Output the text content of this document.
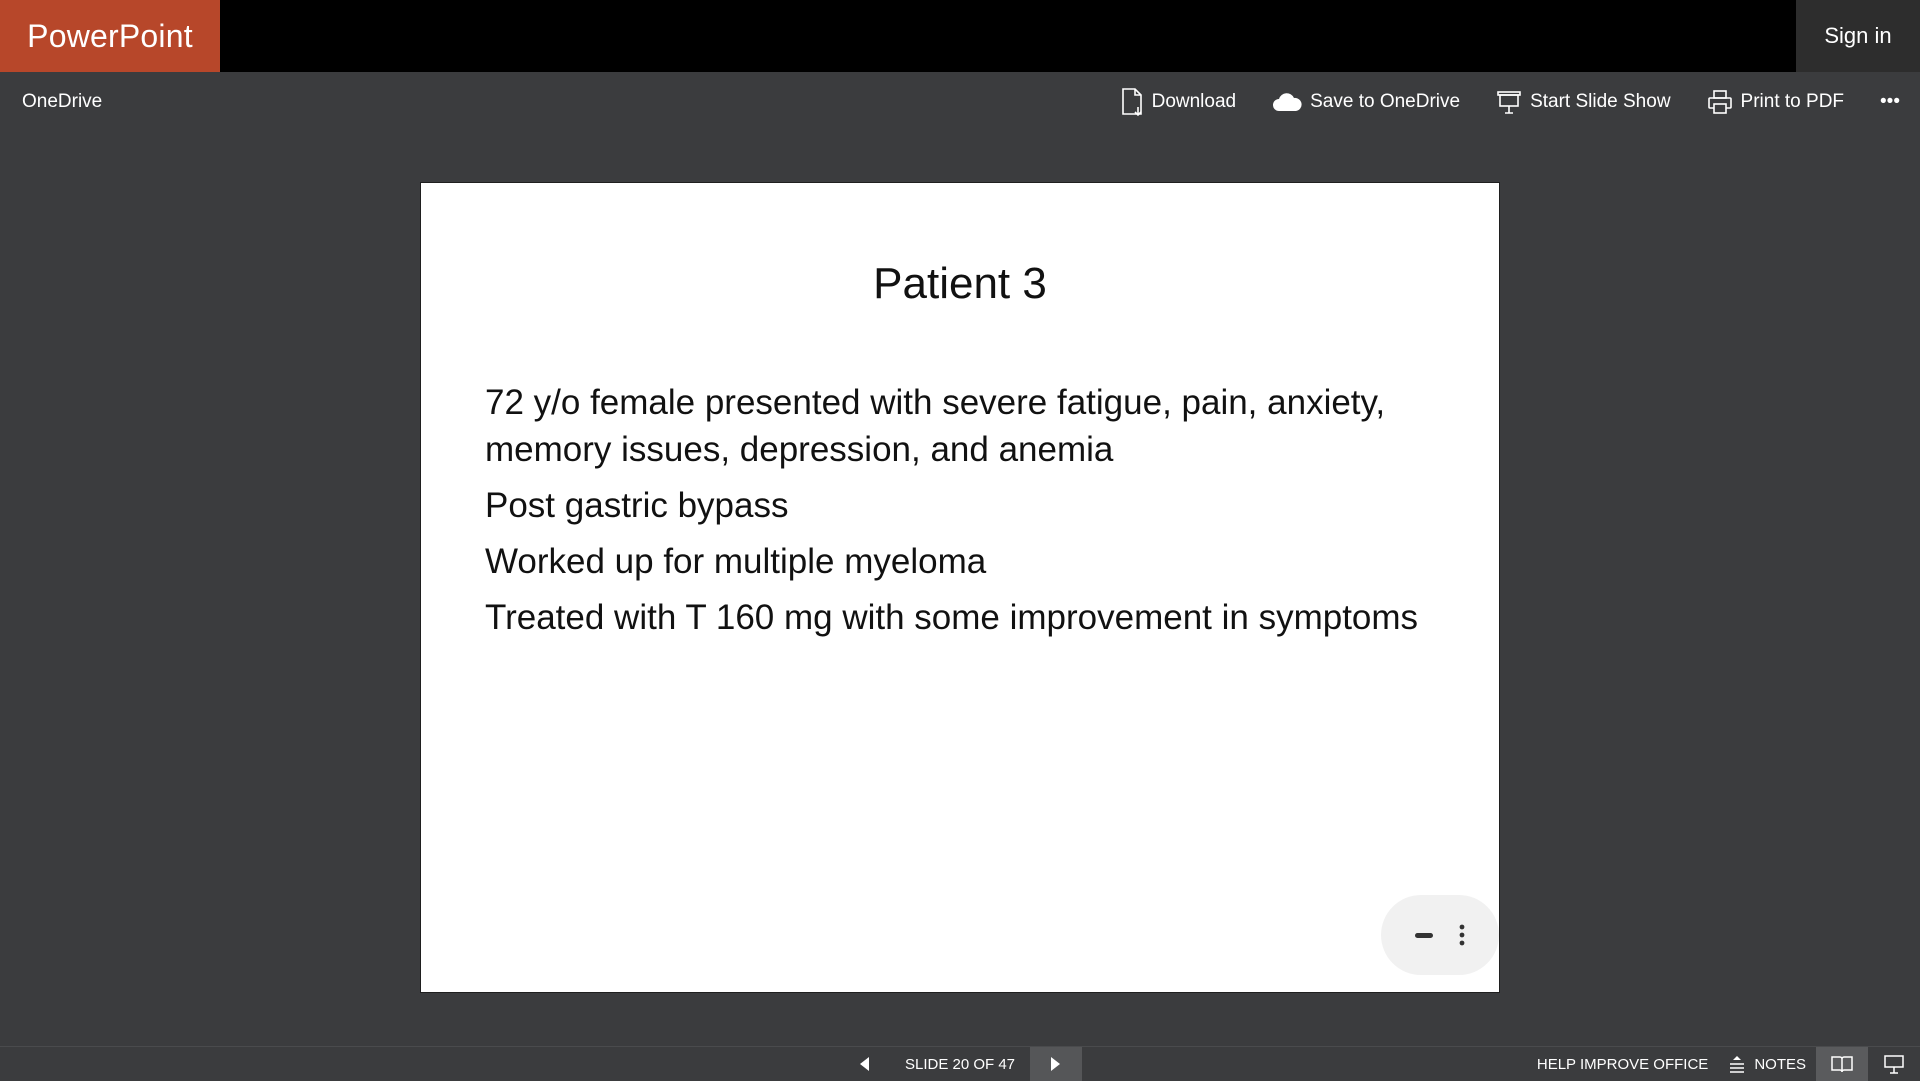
PowerPoint	Sign in
OneDrive	Download	Save to OneDrive	Start Slide Show	Print to PDF •••
Patient 3

72 y/o female presented with severe fatigue, pain, anxiety, memory issues, depression, and anemia

Post gastric bypass

Worked up for multiple myeloma

Treated with T 160 mg with some improvement in symptoms

SLIDE 20 OF 47	HELP IMPROVE OFFICE	NOTES
